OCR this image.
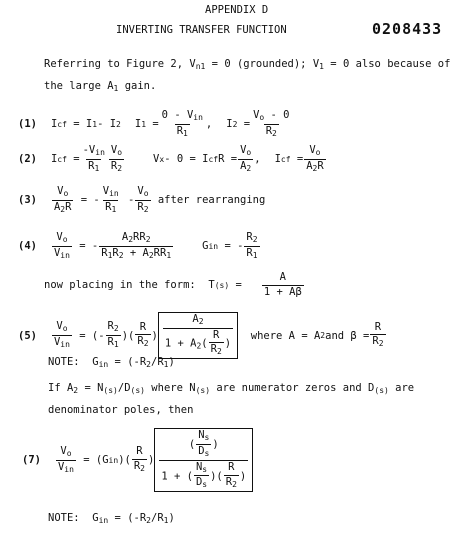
APPENDIX D
INVERTING TRANSFER FUNCTION	0208433
Referring to Figure 2, $V_{n1} = 0$ (grounded); $V_1 = 0$ also because of
the large $A_1$ gain.
(1) I cf
= I 1 - I 2 I $1 = \frac{0 - V_{in}}{R_1}$ , I $2 = \frac{V_o - 0}{R_2}$
(2) I cf = $\frac{-V_{in}}{R_1} \frac{V_o}{R_2}$	V x - 0 = I cf $R = \frac{V_o}{A_2}$ , I cf = $\frac{V_o}{A_2R}$
$(3) \frac{V_o}{A_2R}$ = - $\frac{V_{in}}{R_1} - \frac{V_o}{R_2}$
after rearranging
$(4) \frac{V_o}{V_{in}}$ = - $\frac{A_2RR_2}{R_1R_2 + A_2RR_1}$	G in = - $\frac{R_2}{R_1}$
now placing in the form:
T $(s) = \frac{A}{1 + A\beta}$
$(5) \frac{V_o}{V_{in}}$ = (- $\frac{R_2}{R_1}$ )( $\frac{R}{R_2}$ ) $\frac{A_2}{1 + A_2( \frac{R}{R_2} )}$
where A = A 2 and $\beta = \frac{R}{R_2}$
NOTE: $G_{in} = (-R_2/R_1)$
If $A_2 = N_{(s)}/D_{(s)}$ where $N_{(s)}$ are numerator zeros and $D_{(s)}$ are
denominator poles, then
$(7) \frac{V_o}{V_{in}} = (G$ in )( $\frac{R}{R_2}$ ) $\frac{( \frac{N_s}{D_s} )}{1 + ( \frac{N_s}{D_s} )( \frac{R}{R_2} )}$
NOTE: $G_{in} = (-R_2/R_1)$
